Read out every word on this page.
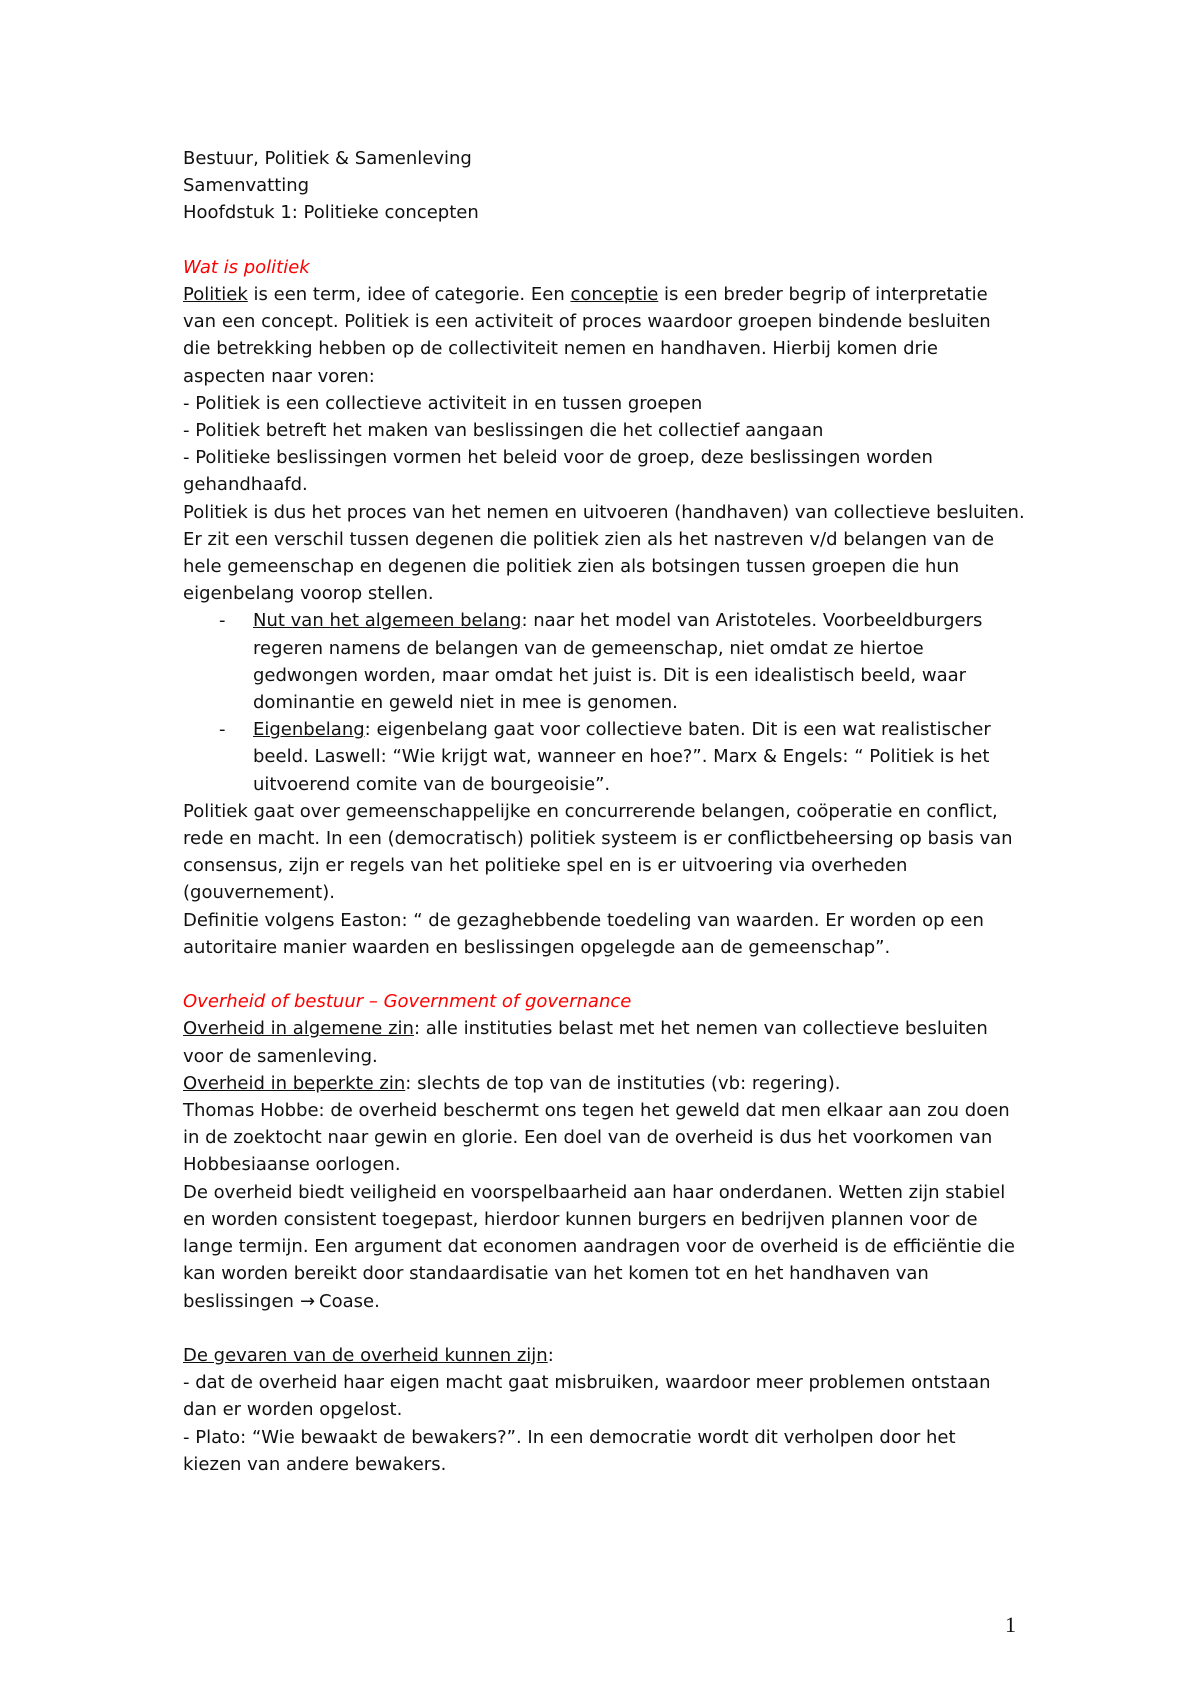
Bestuur, Politiek & Samenleving

Samenvatting

Hoofdstuk 1: Politieke concepten

Wat is politiek

Politiek is een term, idee of categorie. Een conceptie is een breder begrip of interpretatie

van een concept. Politiek is een activiteit of proces waardoor groepen bindende besluiten

die betrekking hebben op de collectiviteit nemen en handhaven. Hierbij komen drie

aspecten naar voren:

- Politiek is een collectieve activiteit in en tussen groepen

- Politiek betreft het maken van beslissingen die het collectief aangaan

- Politieke beslissingen vormen het beleid voor de groep, deze beslissingen worden

gehandhaafd.

Politiek is dus het proces van het nemen en uitvoeren (handhaven) van collectieve besluiten.

Er zit een verschil tussen degenen die politiek zien als het nastreven v/d belangen van de

hele gemeenschap en degenen die politiek zien als botsingen tussen groepen die hun

eigenbelang voorop stellen.

-	Nut van het algemeen belang: naar het model van Aristoteles. Voorbeeldburgers

regeren namens de belangen van de gemeenschap, niet omdat ze hiertoe

gedwongen worden, maar omdat het juist is. Dit is een idealistisch beeld, waar

dominantie en geweld niet in mee is genomen.

-	Eigenbelang: eigenbelang gaat voor collectieve baten. Dit is een wat realistischer

beeld. Laswell: “Wie krijgt wat, wanneer en hoe?”. Marx & Engels: “ Politiek is het

uitvoerend comite van de bourgeoisie”.

Politiek gaat over gemeenschappelijke en concurrerende belangen, coöperatie en conflict,

rede en macht. In een (democratisch) politiek systeem is er conflictbeheersing op basis van

consensus, zijn er regels van het politieke spel en is er uitvoering via overheden

(gouvernement).

Definitie volgens Easton: “ de gezaghebbende toedeling van waarden. Er worden op een

autoritaire manier waarden en beslissingen opgelegde aan de gemeenschap”.

Overheid of bestuur – Government of governance

Overheid in algemene zin: alle instituties belast met het nemen van collectieve besluiten

voor de samenleving.

Overheid in beperkte zin: slechts de top van de instituties (vb: regering).

Thomas Hobbe: de overheid beschermt ons tegen het geweld dat men elkaar aan zou doen

in de zoektocht naar gewin en glorie. Een doel van de overheid is dus het voorkomen van

Hobbesiaanse oorlogen.

De overheid biedt veiligheid en voorspelbaarheid aan haar onderdanen. Wetten zijn stabiel

en worden consistent toegepast, hierdoor kunnen burgers en bedrijven plannen voor de

lange termijn. Een argument dat economen aandragen voor de overheid is de efficiëntie die

kan worden bereikt door standaardisatie van het komen tot en het handhaven van

beslissingen → Coase.

De gevaren van de overheid kunnen zijn:

- dat de overheid haar eigen macht gaat misbruiken, waardoor meer problemen ontstaan

dan er worden opgelost.

- Plato: “Wie bewaakt de bewakers?”. In een democratie wordt dit verholpen door het

kiezen van andere bewakers.

1
